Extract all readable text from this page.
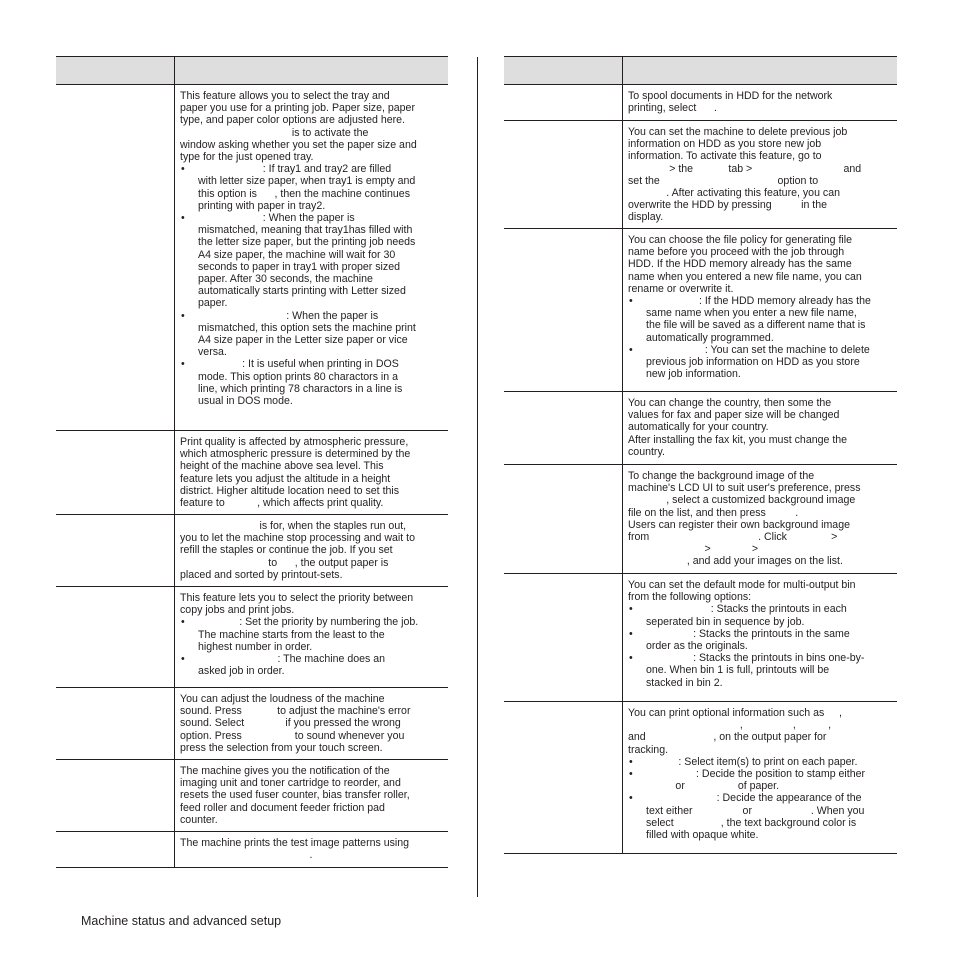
This feature allows you to select the tray and
paper you use for a printing job. Paper size, paper
type, and paper color options are adjusted here.
is to activate the
window asking whether you set the paper size and
type for the just opened tray.
• : If tray1 and tray2 are filled
with letter size paper, when tray1 is empty and
this option is      , then the machine continues
printing with paper in tray2.
• : When the paper is
mismatched, meaning that tray1has filled with
the letter size paper, but the printing job needs
A4 size paper, the machine will wait for 30
seconds to paper in tray1 with proper sized
paper. After 30 seconds, the machine
automatically starts printing with Letter sized
paper.
• : When the paper is
mismatched, this option sets the machine print
A4 size paper in the Letter size paper or vice
versa.
• : It is useful when printing in DOS
mode. This option prints 80 charactors in a
line, which printing 78 charactors in a line is
usual in DOS mode.
Print quality is affected by atmospheric pressure,
which atmospheric pressure is determined by the
height of the machine above sea level. This
feature lets you adjust the altitude in a height
district. Higher altitude location need to set this
feature to           , which affects print quality.
is for, when the staples run out,
you to let the machine stop processing and wait to
refill the staples or continue the job. If you set
to      , the output paper is
placed and sorted by printout-sets.
This feature lets you to select the priority between
copy jobs and print jobs.
• : Set the priority by numbering the job.
The machine starts from the least to the
highest number in order.
• : The machine does an
asked job in order.
You can adjust the loudness of the machine
sound. Press            to adjust the machine's error
sound. Select              if you pressed the wrong
option. Press                  to sound whenever you
press the selection from your touch screen.
The machine gives you the notification of the
imaging unit and toner cartridge to reorder, and
resets the used fuser counter, bias transfer roller,
feed roller and document feeder friction pad
counter.
The machine prints the test image patterns using
.
To spool documents in HDD for the network
printing, select      .
You can set the machine to delete previous job
information on HDD as you store new job
information. To activate this feature, go to
> the            tab >                               and
set the                                        option to
. After activating this feature, you can
overwrite the HDD by pressing          in the
display.
You can choose the file policy for generating file
name before you proceed with the job through
HDD. If the HDD memory already has the same
name when you entered a new file name, you can
rename or overwrite it.
• : If the HDD memory already has the
same name when you enter a new file name,
the file will be saved as a different name that is
automatically programmed.
• : You can set the machine to delete
previous job information on HDD as you store
new job information.
You can change the country, then some the
values for fax and paper size will be changed
automatically for your country.
After installing the fax kit, you must change the
country.
To change the background image of the
machine's LCD UI to suit user's preference, press
, select a customized background image
file on the list, and then press          .
Users can register their own background image
from                                     . Click               >
>              >
, and add your images on the list.
You can set the default mode for multi-output bin
from the following options:
• : Stacks the printouts in each
seperated bin in sequence by job.
• : Stacks the printouts in the same
order as the originals.
• : Stacks the printouts in bins one-by-
one. When bin 1 is full, printouts will be
stacked in bin 2.
You can print optional information such as     ,
,                 ,           ,
and                       , on the output paper for
tracking.
• : Select item(s) to print on each paper.
• : Decide the position to stamp either
or                  of paper.
• : Decide the appearance of the
text either                 or                    . When you
select                , the text background color is
filled with opaque white.
Machine status and advanced setup
